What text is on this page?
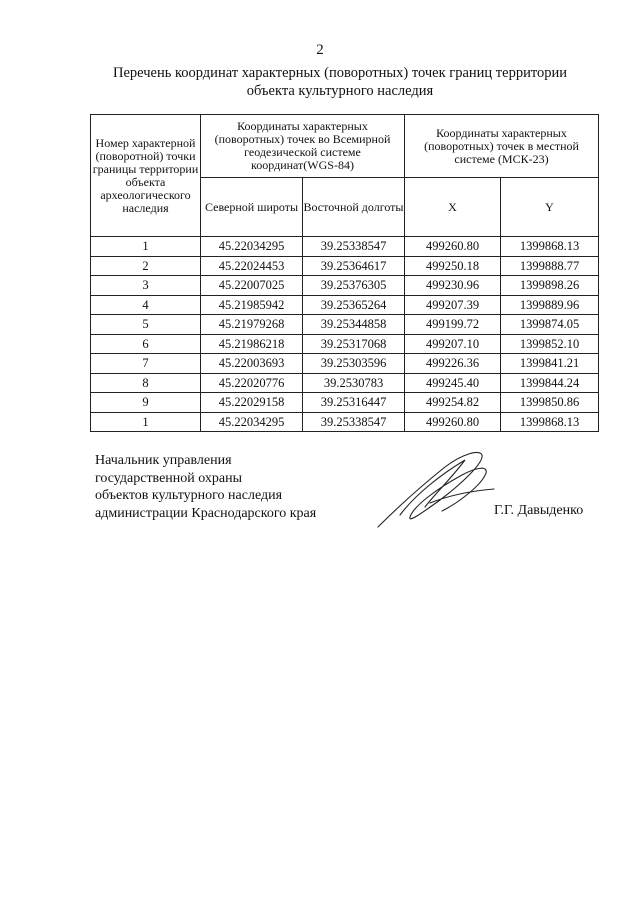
2
Перечень координат характерных (поворотных) точек границ территории
объекта культурного наследия
Номер характерной (поворотной) точки границы территории объекта археологического наследия	Координаты характерных (поворотных) точек во Всемирной геодезической системе координат(WGS-84)		Координаты характерных (поворотных) точек в местной системе (МСК-23)	
	Северной широты	Восточной долготы	X	Y
1	45.22034295	39.25338547	499260.80	1399868.13
2	45.22024453	39.25364617	499250.18	1399888.77
3	45.22007025	39.25376305	499230.96	1399898.26
4	45.21985942	39.25365264	499207.39	1399889.96
5	45.21979268	39.25344858	499199.72	1399874.05
6	45.21986218	39.25317068	499207.10	1399852.10
7	45.22003693	39.25303596	499226.36	1399841.21
8	45.22020776	39.2530783	499245.40	1399844.24
9	45.22029158	39.25316447	499254.82	1399850.86
1	45.22034295	39.25338547	499260.80	1399868.13
Начальник управления
государственной охраны
объектов культурного наследия
администрации Краснодарского края	Г.Г. Давыденко
